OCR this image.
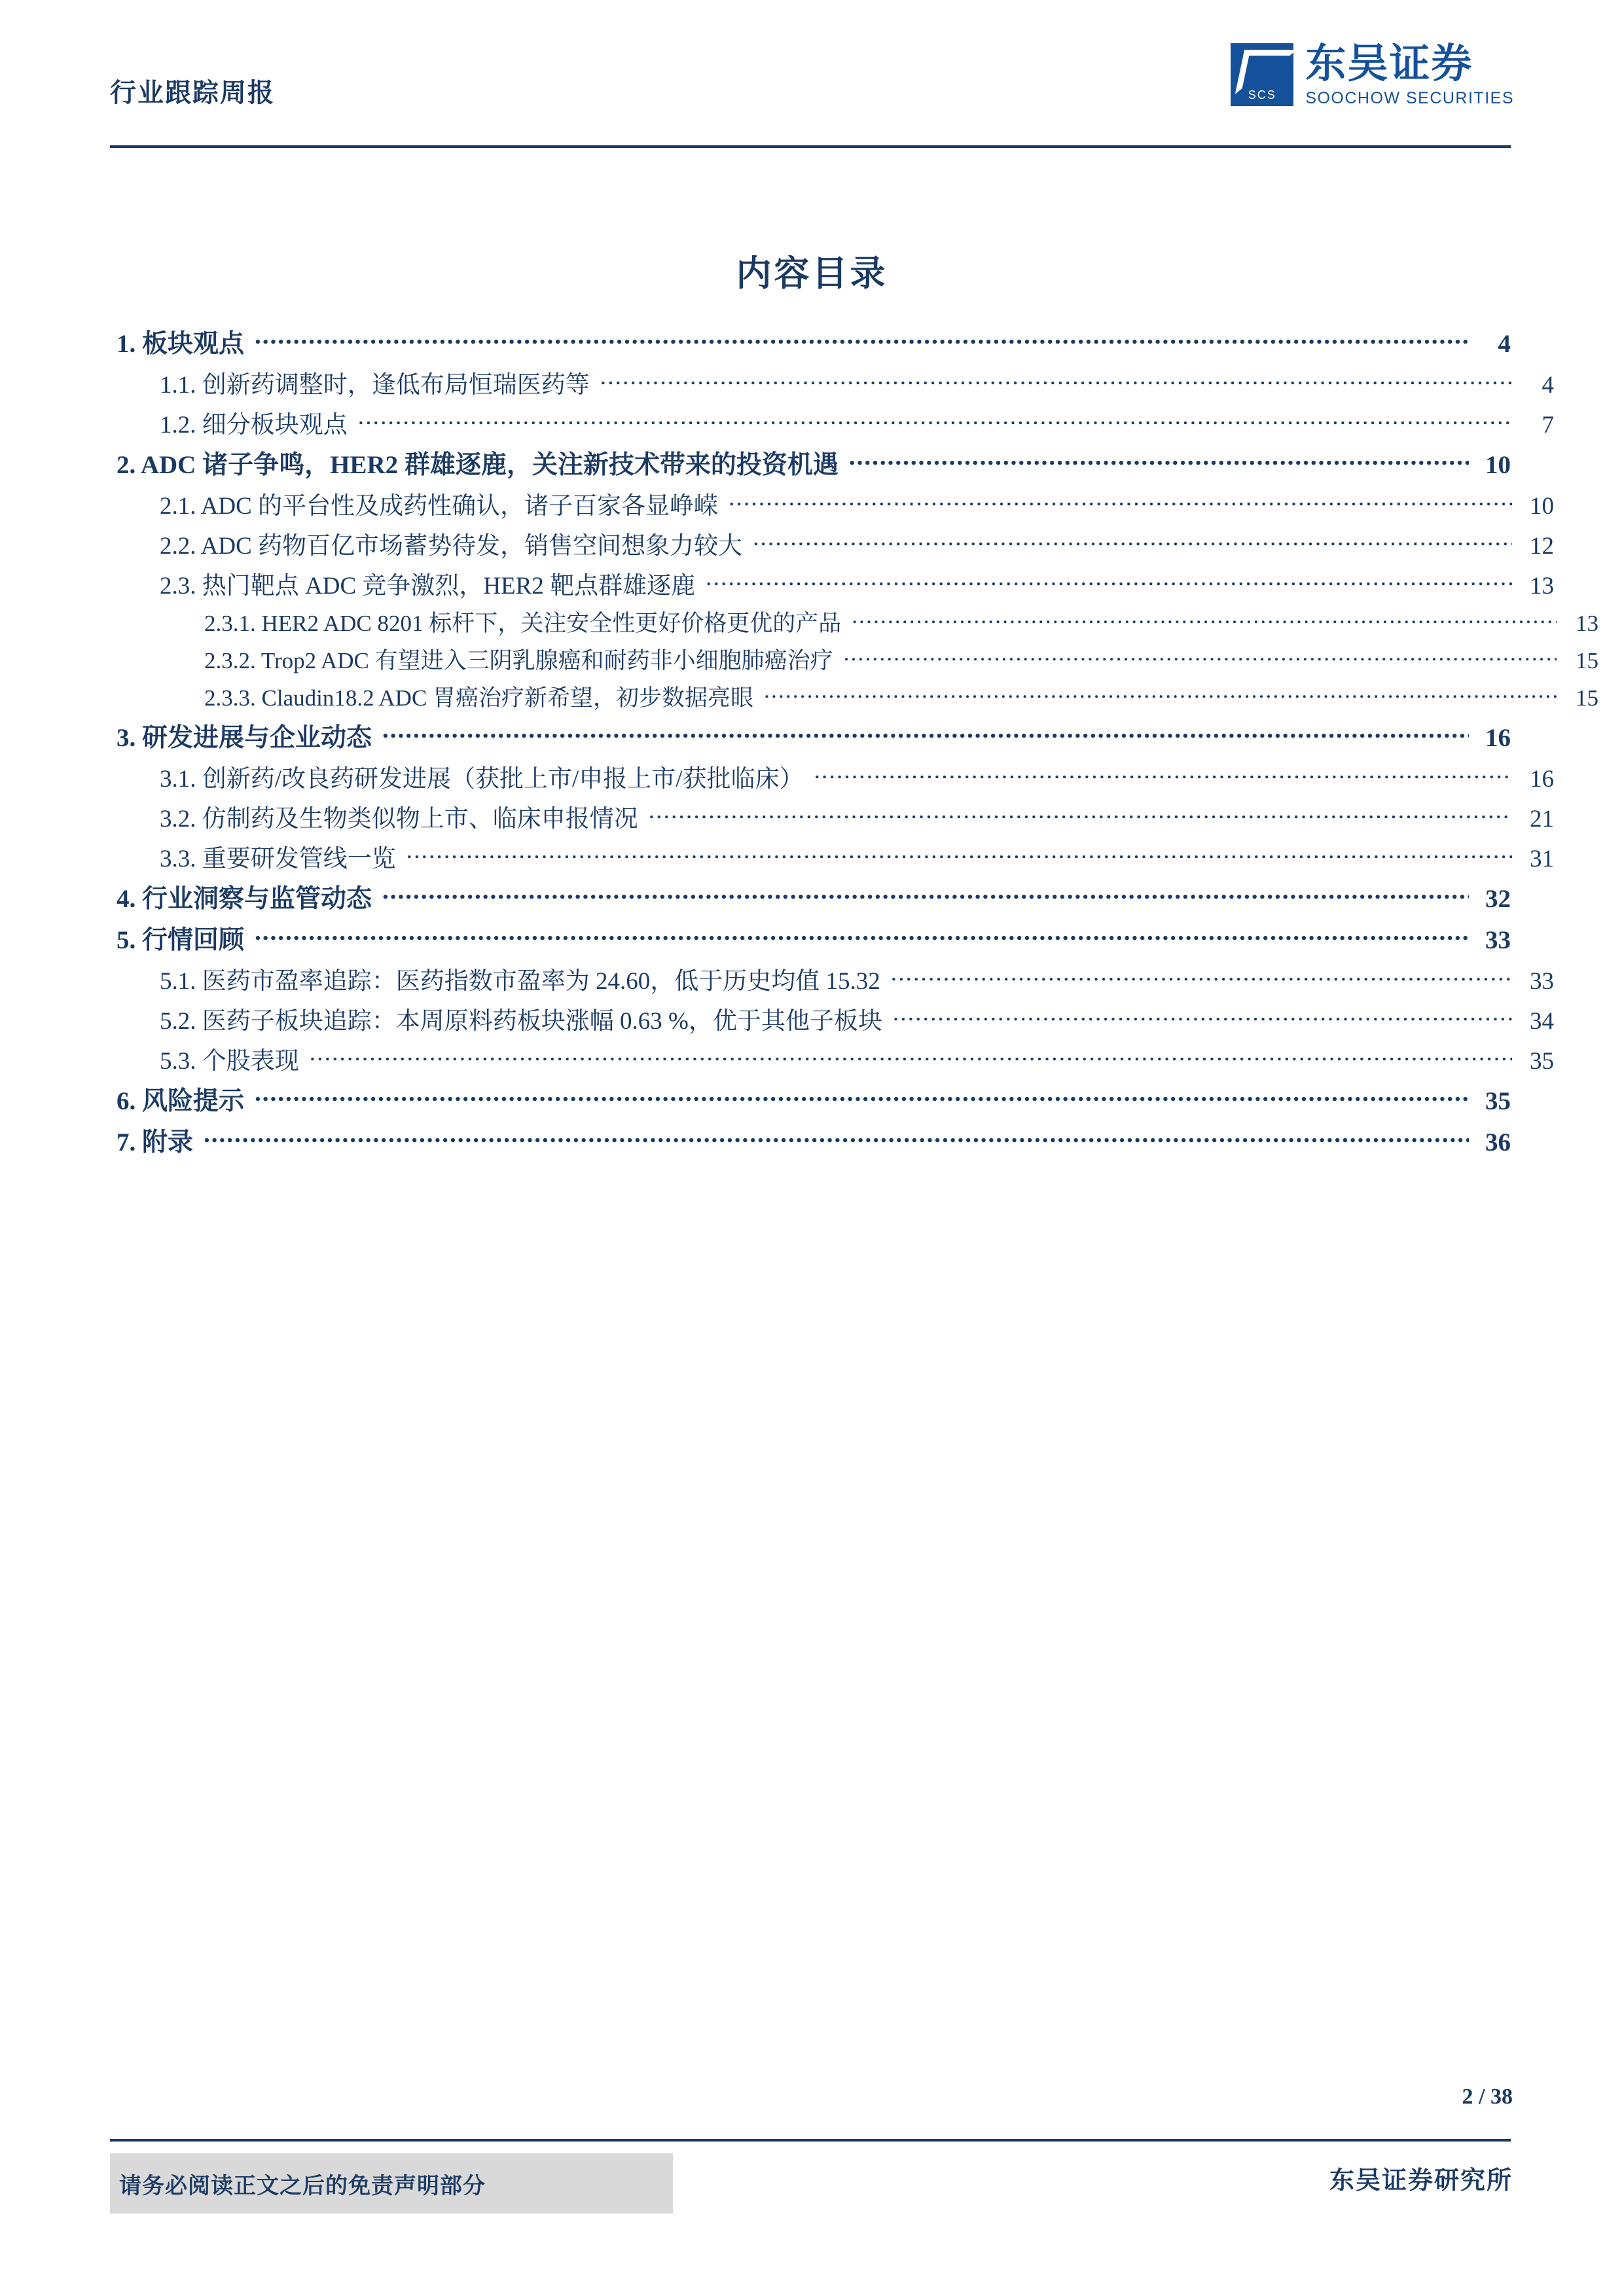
行业跟踪周报	SCS
东吴证券
SOOCHOW SECURITIES
内容目录
1. 板块观点 .....	4
1.1. 创新药调整时，逢低布局恒瑞医药等 .....	4
1.2. 细分板块观点 .....	7
2. ADC 诸子争鸣，HER2 群雄逐鹿，关注新技术带来的投资机遇 .....	10
2.1. ADC 的平台性及成药性确认，诸子百家各显峥嵘 .....	10
2.2. ADC 药物百亿市场蓄势待发，销售空间想象力较大 .....	12
2.3. 热门靶点 ADC 竞争激烈，HER2 靶点群雄逐鹿 .....	13
2.3.1. HER2 ADC 8201 标杆下，关注安全性更好价格更优的产品 .....	13
2.3.2. Trop2 ADC 有望进入三阴乳腺癌和耐药非小细胞肺癌治疗 .....	15
2.3.3. Claudin18.2 ADC 胃癌治疗新希望，初步数据亮眼 .....	15
3. 研发进展与企业动态 .....	16
3.1. 创新药/改良药研发进展（获批上市/申报上市/获批临床） .....	16
3.2. 仿制药及生物类似物上市、临床申报情况 .....	21
3.3. 重要研发管线一览 .....	31
4. 行业洞察与监管动态 .....	32
5. 行情回顾 .....	33
5.1. 医药市盈率追踪：医药指数市盈率为 24.60，低于历史均值 15.32 .....	33
5.2. 医药子板块追踪：本周原料药板块涨幅 0.63 %，优于其他子板块 .....	34
5.3. 个股表现 .....	35
6. 风险提示 .....	35
7. 附录 .....	36
2 / 38
请务必阅读正文之后的免责声明部分	东吴证券研究所
